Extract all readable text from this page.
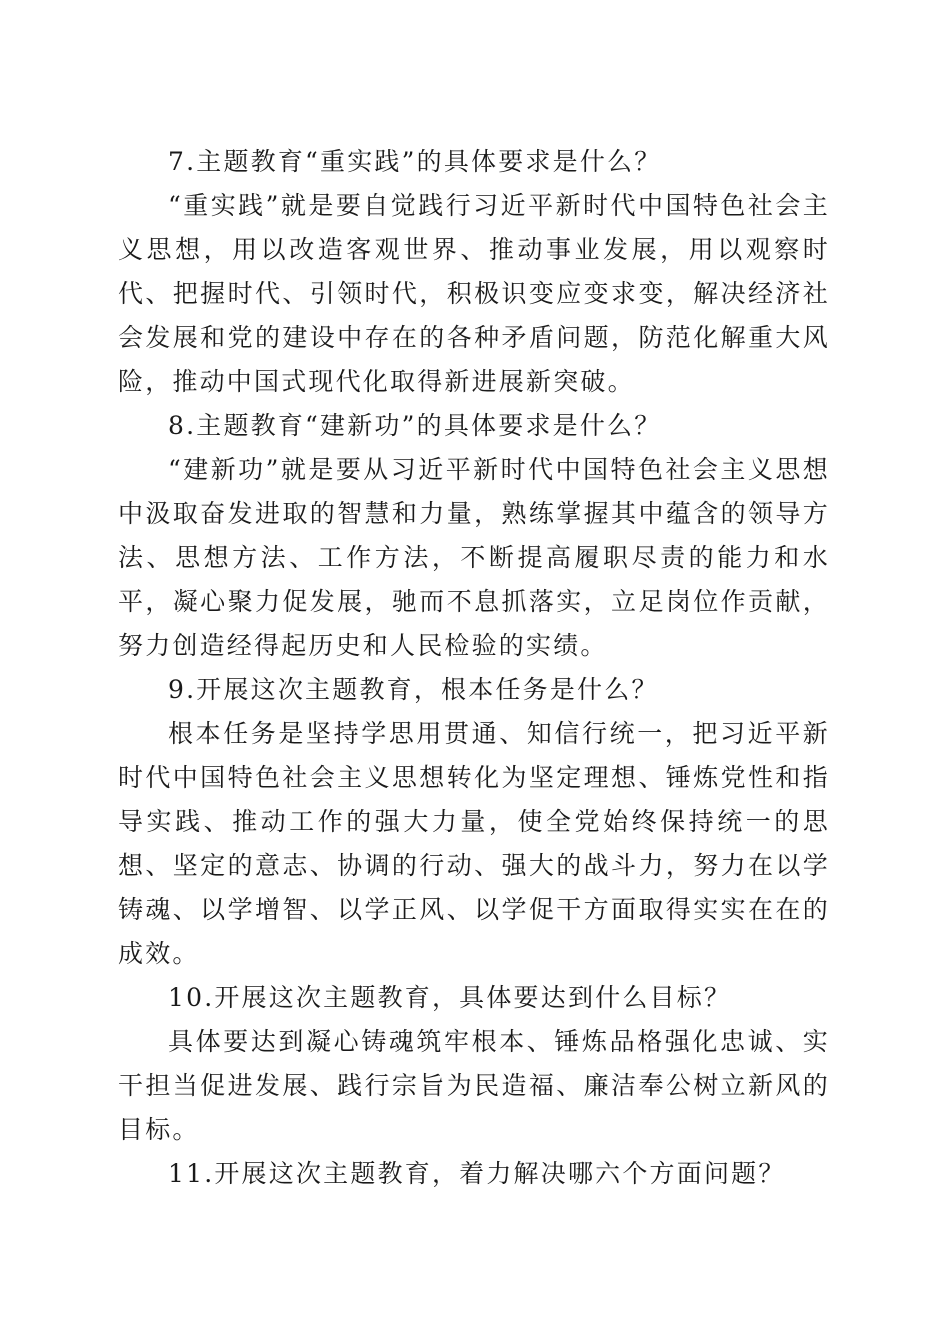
7.主题教育“重实践”的具体要求是什么？

“重实践”就是要自觉践行习近平新时代中国特色社会主义思想，用以改造客观世界、推动事业发展，用以观察时代、把握时代、引领时代，积极识变应变求变，解决经济社会发展和党的建设中存在的各种矛盾问题，防范化解重大风险，推动中国式现代化取得新进展新突破。

8.主题教育“建新功”的具体要求是什么？

“建新功”就是要从习近平新时代中国特色社会主义思想中汲取奋发进取的智慧和力量，熟练掌握其中蕴含的领导方法、思想方法、工作方法，不断提高履职尽责的能力和水平，凝心聚力促发展，驰而不息抓落实，立足岗位作贡献，努力创造经得起历史和人民检验的实绩。

9.开展这次主题教育，根本任务是什么？

根本任务是坚持学思用贯通、知信行统一，把习近平新时代中国特色社会主义思想转化为坚定理想、锤炼党性和指导实践、推动工作的强大力量，使全党始终保持统一的思想、坚定的意志、协调的行动、强大的战斗力，努力在以学铸魂、以学增智、以学正风、以学促干方面取得实实在在的成效。

10.开展这次主题教育，具体要达到什么目标？

具体要达到凝心铸魂筑牢根本、锤炼品格强化忠诚、实干担当促进发展、践行宗旨为民造福、廉洁奉公树立新风的目标。

11.开展这次主题教育，着力解决哪六个方面问题？
